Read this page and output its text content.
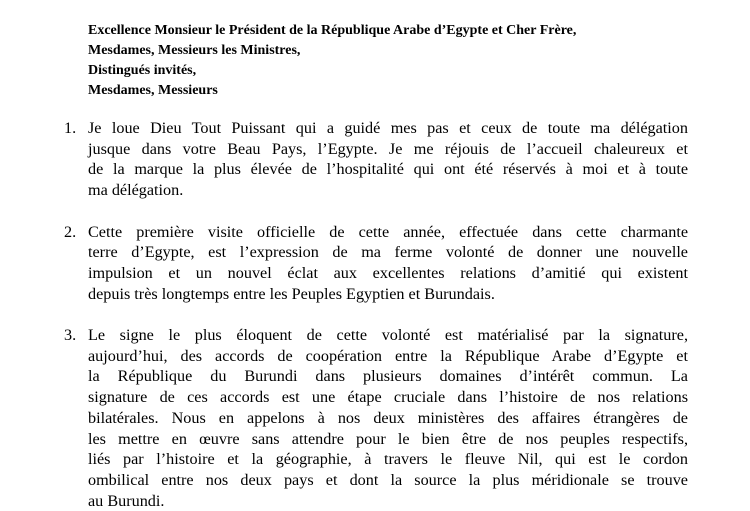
Excellence Monsieur le Président de la République Arabe d’Egypte et Cher Frère,
Mesdames, Messieurs les Ministres,
Distingués invités,
Mesdames, Messieurs
1. Je loue Dieu Tout Puissant qui a guidé mes pas et ceux de toute ma délégation
jusque dans votre Beau Pays, l’Egypte. Je me réjouis de l’accueil chaleureux et
de la marque la plus élevée de l’hospitalité qui ont été réservés à moi et à toute
ma délégation.
2. Cette première visite officielle de cette année, effectuée dans cette charmante
terre d’Egypte, est l’expression de ma ferme volonté de donner une nouvelle
impulsion et un nouvel éclat aux excellentes relations d’amitié qui existent
depuis très longtemps entre les Peuples Egyptien et Burundais.
3. Le signe le plus éloquent de cette volonté est matérialisé par la signature,
aujourd’hui, des accords de coopération entre la République Arabe d’Egypte et
la République du Burundi dans plusieurs domaines d’intérêt commun. La
signature de ces accords est une étape cruciale dans l’histoire de nos relations
bilatérales. Nous en appelons à nos deux ministères des affaires étrangères de
les mettre en œuvre sans attendre pour le bien être de nos peuples respectifs,
liés par l’histoire et la géographie, à travers le fleuve Nil, qui est le cordon
ombilical entre nos deux pays et dont la source la plus méridionale se trouve
au Burundi.
